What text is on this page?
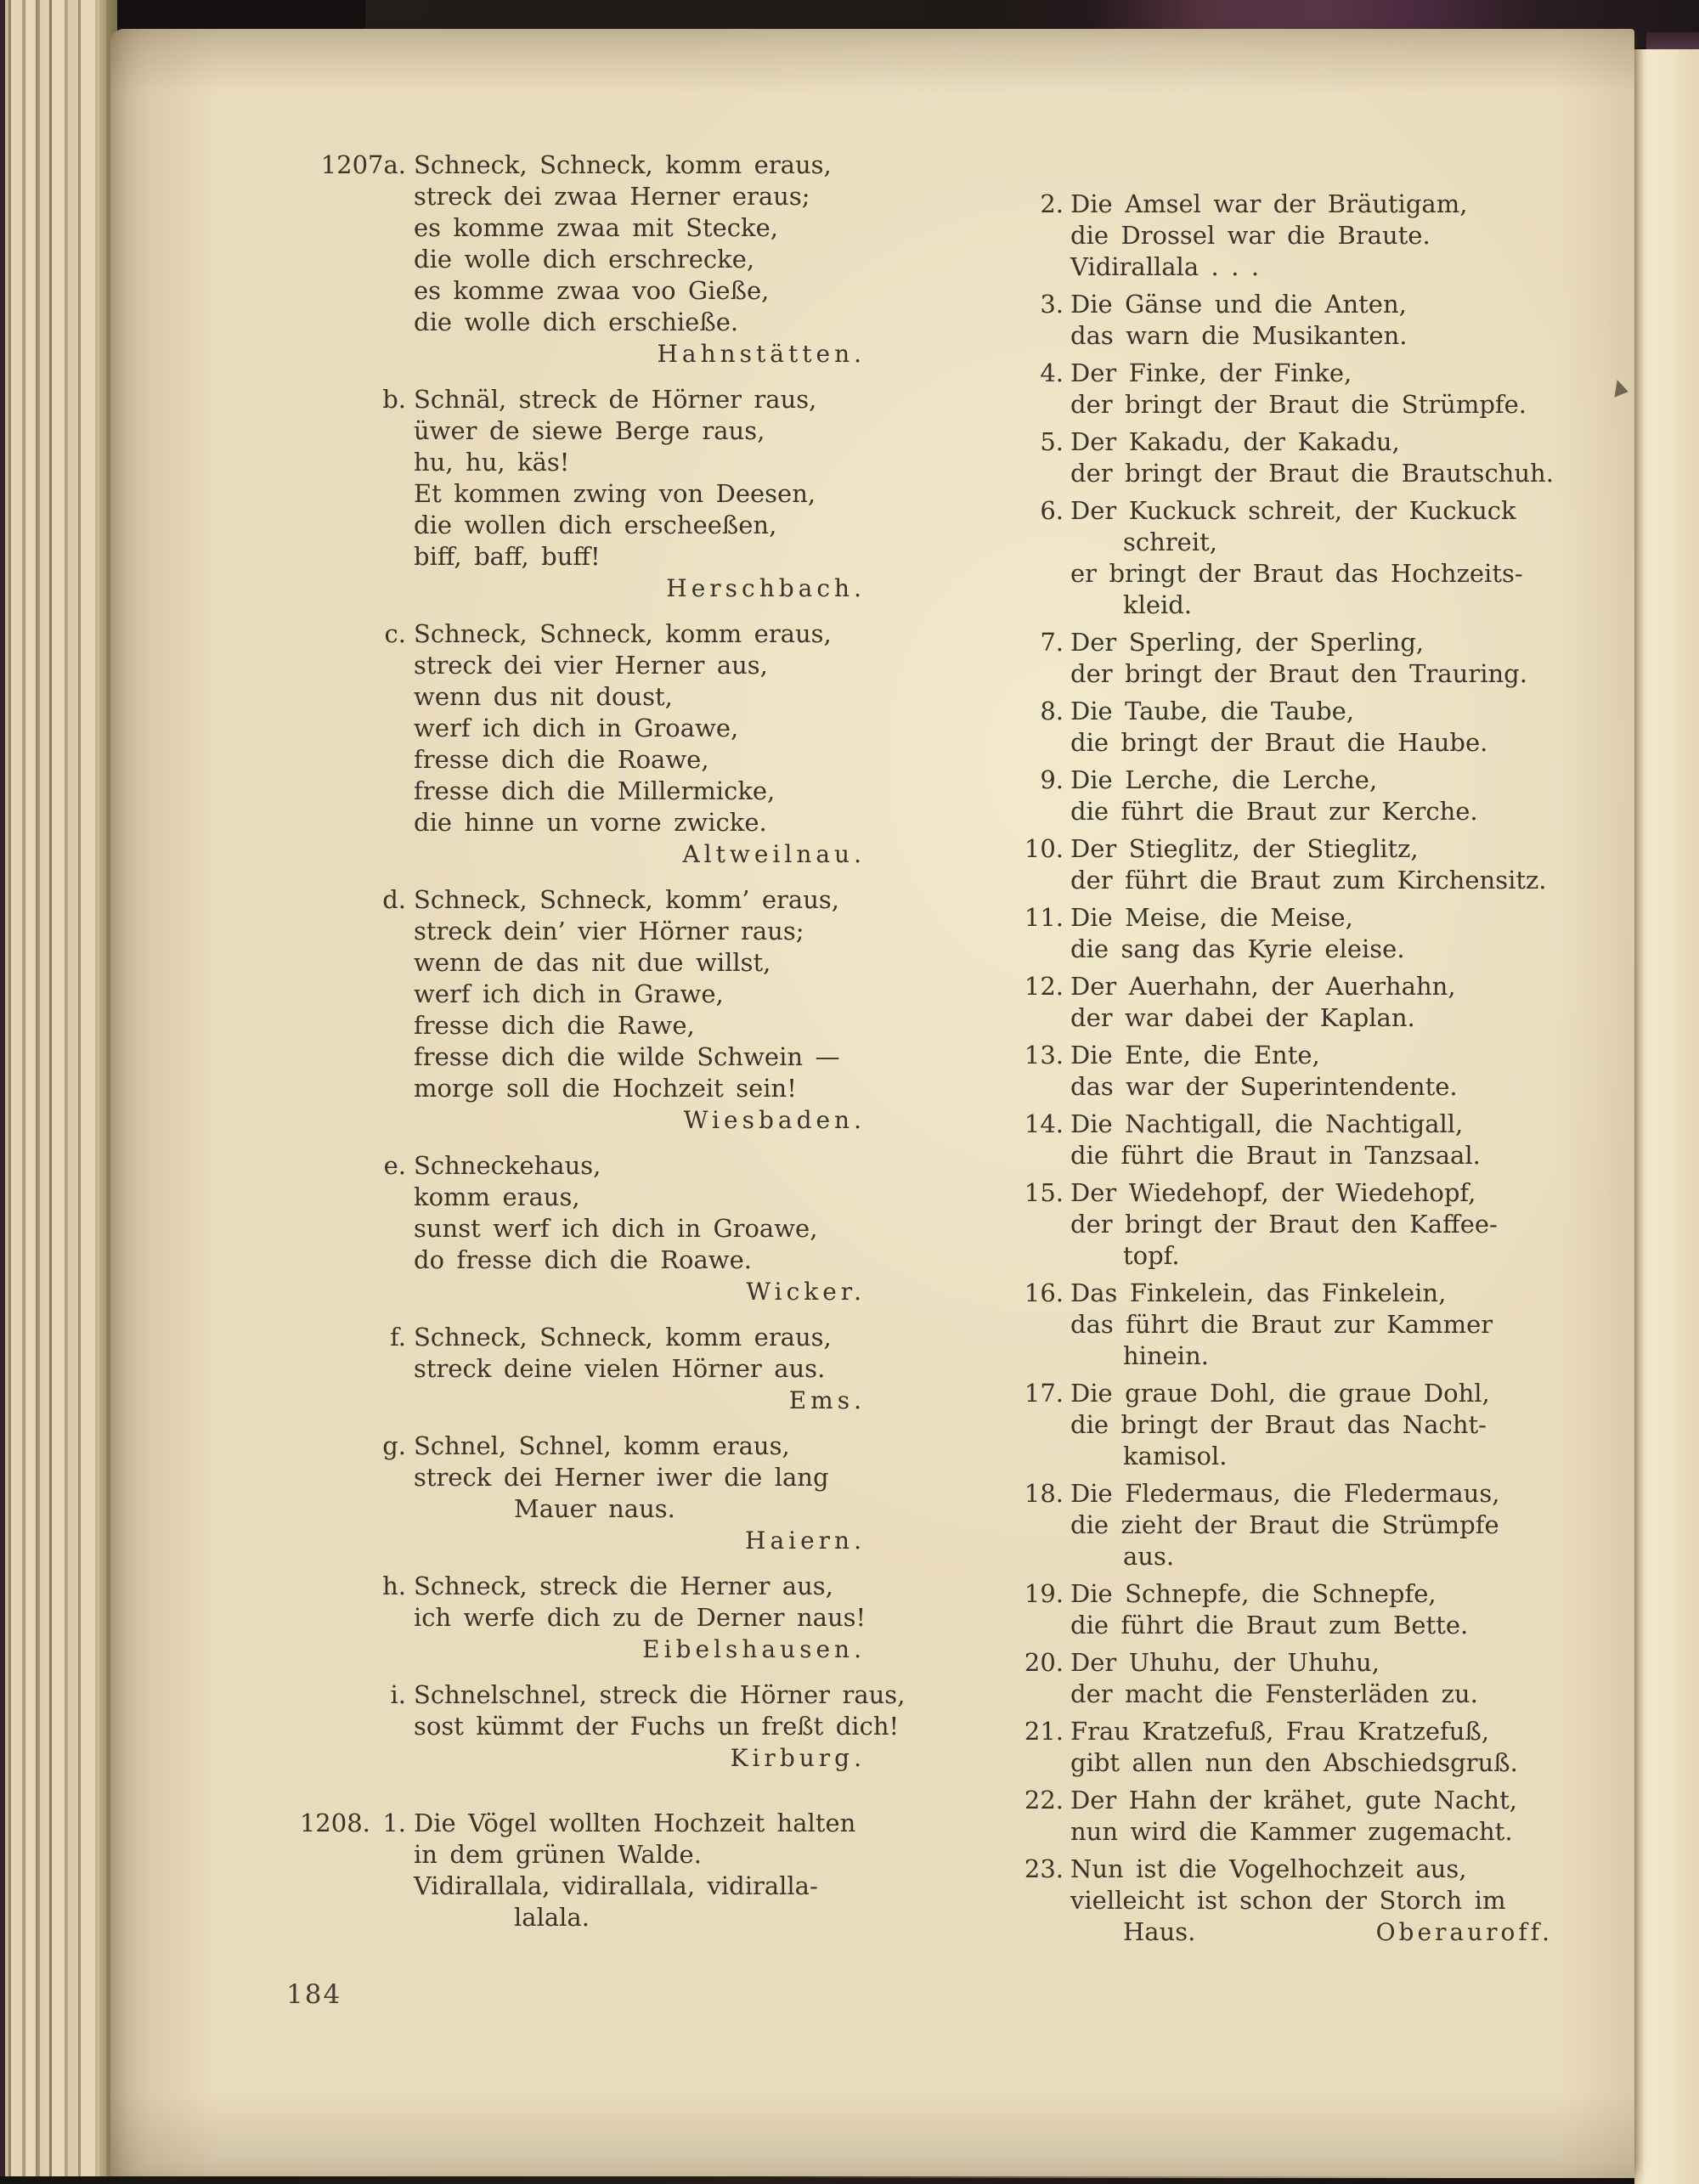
1207a. Schneck, Schneck, komm eraus,
streck dei zwaa Herner eraus;
es komme zwaa mit Stecke,
die wolle dich erschrecke,
es komme zwaa voo Gieße,
die wolle dich erschieße.
Hahnstätten.
b. Schnäl, streck de Hörner raus,
üwer de siewe Berge raus,
hu, hu, käs!
Et kommen zwing von Deesen,
die wollen dich erscheeßen,
biff, baff, buff!
Herschbach.
c. Schneck, Schneck, komm eraus,
streck dei vier Herner aus,
wenn dus nit doust,
werf ich dich in Groawe,
fresse dich die Roawe,
fresse dich die Millermicke,
die hinne un vorne zwicke.
Altweilnau.
d. Schneck, Schneck, komm’ eraus,
streck dein’ vier Hörner raus;
wenn de das nit due willst,
werf ich dich in Grawe,
fresse dich die Rawe,
fresse dich die wilde Schwein —
morge soll die Hochzeit sein!
Wiesbaden.
e. Schneckehaus,
komm eraus,
sunst werf ich dich in Groawe,
do fresse dich die Roawe.
Wicker.
f. Schneck, Schneck, komm eraus,
streck deine vielen Hörner aus.
Ems.
g. Schnel, Schnel, komm eraus,
streck dei Herner iwer die lang
Mauer naus.
Haiern.
h. Schneck, streck die Herner aus,
ich werfe dich zu de Derner naus!
Eibelshausen.
i. Schnelschnel, streck die Hörner raus,
sost kümmt der Fuchs un freßt dich!
Kirburg.
1208. 1. Die Vögel wollten Hochzeit halten
in dem grünen Walde.
Vidirallala, vidirallala, vidiralla-
lalala.
2. Die Amsel war der Bräutigam,
die Drossel war die Braute.
Vidirallala . . .
3. Die Gänse und die Anten,
das warn die Musikanten.
4. Der Finke, der Finke,
der bringt der Braut die Strümpfe.
5. Der Kakadu, der Kakadu,
der bringt der Braut die Brautschuh.
6. Der Kuckuck schreit, der Kuckuck
schreit,
er bringt der Braut das Hochzeits-
kleid.
7. Der Sperling, der Sperling,
der bringt der Braut den Trauring.
8. Die Taube, die Taube,
die bringt der Braut die Haube.
9. Die Lerche, die Lerche,
die führt die Braut zur Kerche.
10. Der Stieglitz, der Stieglitz,
der führt die Braut zum Kirchensitz.
11. Die Meise, die Meise,
die sang das Kyrie eleise.
12. Der Auerhahn, der Auerhahn,
der war dabei der Kaplan.
13. Die Ente, die Ente,
das war der Superintendente.
14. Die Nachtigall, die Nachtigall,
die führt die Braut in Tanzsaal.
15. Der Wiedehopf, der Wiedehopf,
der bringt der Braut den Kaffee-
topf.
16. Das Finkelein, das Finkelein,
das führt die Braut zur Kammer
hinein.
17. Die graue Dohl, die graue Dohl,
die bringt der Braut das Nacht-
kamisol.
18. Die Fledermaus, die Fledermaus,
die zieht der Braut die Strümpfe
aus.
19. Die Schnepfe, die Schnepfe,
die führt die Braut zum Bette.
20. Der Uhuhu, der Uhuhu,
der macht die Fensterläden zu.
21. Frau Kratzefuß, Frau Kratzefuß,
gibt allen nun den Abschiedsgruß.
22. Der Hahn der krähet, gute Nacht,
nun wird die Kammer zugemacht.
23. Nun ist die Vogelhochzeit aus,
vielleicht ist schon der Storch im
Haus.	Oberauroff.
184
